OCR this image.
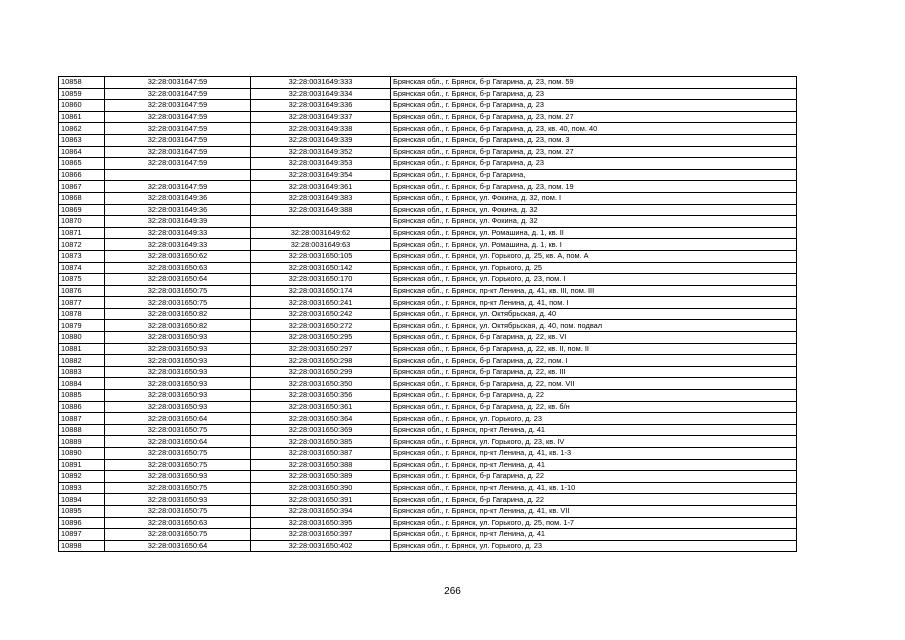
10858	32:28:0031647:59	32:28:0031649:333	Брянская обл., г. Брянск, б-р Гагарина, д. 23, пом. 59
10859	32:28:0031647:59	32:28:0031649:334	Брянская обл., г. Брянск, б-р Гагарина, д. 23
10860	32:28:0031647:59	32:28:0031649:336	Брянская обл., г. Брянск, б-р Гагарина, д. 23
10861	32:28:0031647:59	32:28:0031649:337	Брянская обл., г. Брянск, б-р Гагарина, д. 23, пом. 27
10862	32:28:0031647:59	32:28:0031649:338	Брянская обл., г. Брянск, б-р Гагарина, д. 23, кв. 40, пом. 40
10863	32:28:0031647:59	32:28:0031649:339	Брянская обл., г. Брянск, б-р Гагарина, д. 23, пом. 3
10864	32:28:0031647:59	32:28:0031649:352	Брянская обл., г. Брянск, б-р Гагарина, д. 23, пом. 27
10865	32:28:0031647:59	32:28:0031649:353	Брянская обл., г. Брянск, б-р Гагарина, д. 23
10866		32:28:0031649:354	Брянская обл., г. Брянск, б-р Гагарина,
10867	32:28:0031647:59	32:28:0031649:361	Брянская обл., г. Брянск, б-р Гагарина, д. 23, пом. 19
10868	32:28:0031649:36	32:28:0031649:383	Брянская обл., г. Брянск, ул. Фокина, д. 32, пом. I
10869	32:28:0031649:36	32:28:0031649:388	Брянская обл., г. Брянск, ул. Фокина, д. 32
10870	32:28:0031649:39		Брянская обл., г. Брянск, ул. Фокина, д. 32
10871	32:28:0031649:33	32:28:0031649:62	Брянская обл., г. Брянск, ул. Ромашина, д. 1, кв. II
10872	32:28:0031649:33	32:28:0031649:63	Брянская обл., г. Брянск, ул. Ромашина, д. 1, кв. I
10873	32:28:0031650:62	32:28:0031650:105	Брянская обл., г. Брянск, ул. Горького, д. 25, кв. А, пом. А
10874	32:28:0031650:63	32:28:0031650:142	Брянская обл., г. Брянск, ул. Горького, д. 25
10875	32:28:0031650:64	32:28:0031650:170	Брянская обл., г. Брянск, ул. Горького, д. 23, пом. I
10876	32:28:0031650:75	32:28:0031650:174	Брянская обл., г. Брянск, пр-кт Ленина, д. 41, кв. III, пом. III
10877	32:28:0031650:75	32:28:0031650:241	Брянская обл., г. Брянск, пр-кт Ленина, д. 41, пом. I
10878	32:28:0031650:82	32:28:0031650:242	Брянская обл., г. Брянск, ул. Октябрьская, д. 40
10879	32:28:0031650:82	32:28:0031650:272	Брянская обл., г. Брянск, ул. Октябрьская, д. 40, пом. подвал
10880	32:28:0031650:93	32:28:0031650:295	Брянская обл., г. Брянск, б-р Гагарина, д. 22, кв. VI
10881	32:28:0031650:93	32:28:0031650:297	Брянская обл., г. Брянск, б-р Гагарина, д. 22, кв. II, пом. II
10882	32:28:0031650:93	32:28:0031650:298	Брянская обл., г. Брянск, б-р Гагарина, д. 22, пом. I
10883	32:28:0031650:93	32:28:0031650:299	Брянская обл., г. Брянск, б-р Гагарина, д. 22, кв. III
10884	32:28:0031650:93	32:28:0031650:350	Брянская обл., г. Брянск, б-р Гагарина, д. 22, пом. VII
10885	32:28:0031650:93	32:28:0031650:356	Брянская обл., г. Брянск, б-р Гагарина, д. 22
10886	32:28:0031650:93	32:28:0031650:361	Брянская обл., г. Брянск, б-р Гагарина, д. 22, кв. б/н
10887	32:28:0031650:64	32:28:0031650:364	Брянская обл., г. Брянск, ул. Горького, д. 23
10888	32:28:0031650:75	32:28:0031650:369	Брянская обл., г. Брянск, пр-кт Ленина, д. 41
10889	32:28:0031650:64	32:28:0031650:385	Брянская обл., г. Брянск, ул. Горького, д. 23, кв. IV
10890	32:28:0031650:75	32:28:0031650:387	Брянская обл., г. Брянск, пр-кт Ленина, д. 41, кв. 1-3
10891	32:28:0031650:75	32:28:0031650:388	Брянская обл., г. Брянск, пр-кт Ленина, д. 41
10892	32:28:0031650:93	32:28:0031650:389	Брянская обл., г. Брянск, б-р Гагарина, д. 22
10893	32:28:0031650:75	32:28:0031650:390	Брянская обл., г. Брянск, пр-кт Ленина, д. 41, кв. 1-10
10894	32:28:0031650:93	32:28:0031650:391	Брянская обл., г. Брянск, б-р Гагарина, д. 22
10895	32:28:0031650:75	32:28:0031650:394	Брянская обл., г. Брянск, пр-кт Ленина, д. 41, кв. VII
10896	32:28:0031650:63	32:28:0031650:395	Брянская обл., г. Брянск, ул. Горького, д. 25, пом. 1-7
10897	32:28:0031650:75	32:28:0031650:397	Брянская обл., г. Брянск, пр-кт Ленина, д. 41
10898	32:28:0031650:64	32:28:0031650:402	Брянская обл., г. Брянск, ул. Горького, д. 23
266
